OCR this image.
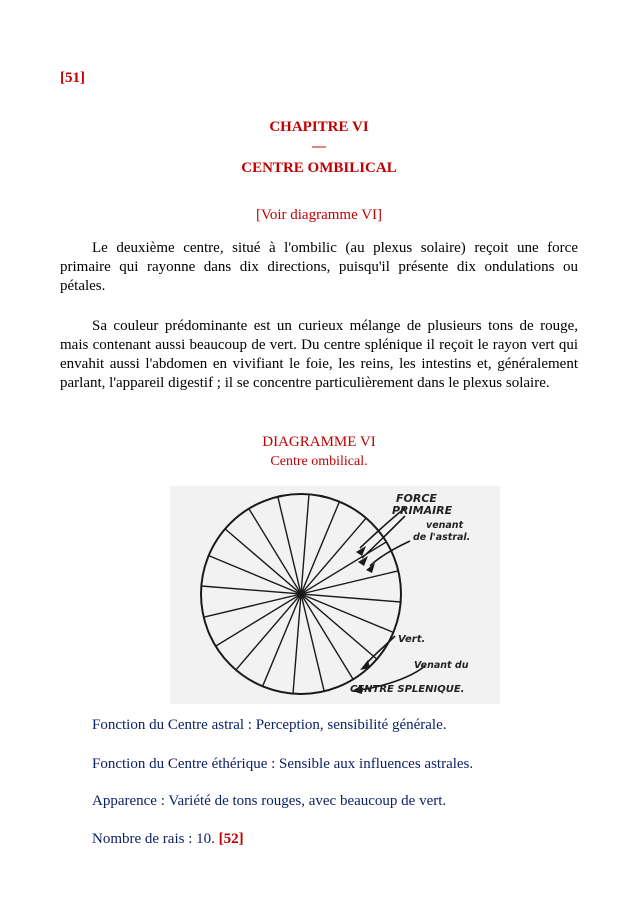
[51]
CHAPITRE VI
—
CENTRE OMBILICAL
[Voir diagramme VI]

Le deuxième centre, situé à l'ombilic (au plexus solaire) reçoit une force primaire qui rayonne dans dix directions, puisqu'il présente dix ondulations ou pétales.

Sa couleur prédominante est un curieux mélange de plusieurs tons de rouge, mais contenant aussi beaucoup de vert. Du centre splénique il reçoit le rayon vert qui envahit aussi l'abdomen en vivifiant le foie, les reins, les intestins et, généralement parlant, l'appareil digestif ; il se concentre particulièrement dans le plexus solaire.

DIAGRAMME VI
Centre ombilical.
FORCE
PRIMAIRE
venant
de l'astral.
Vert.
Venant du
CENTRE SPLENIQUE.
Fonction du Centre astral : Perception, sensibilité générale.
Fonction du Centre éthérique : Sensible aux influences astrales.
Apparence : Variété de tons rouges, avec beaucoup de vert.
Nombre de rais : 10. [52]
